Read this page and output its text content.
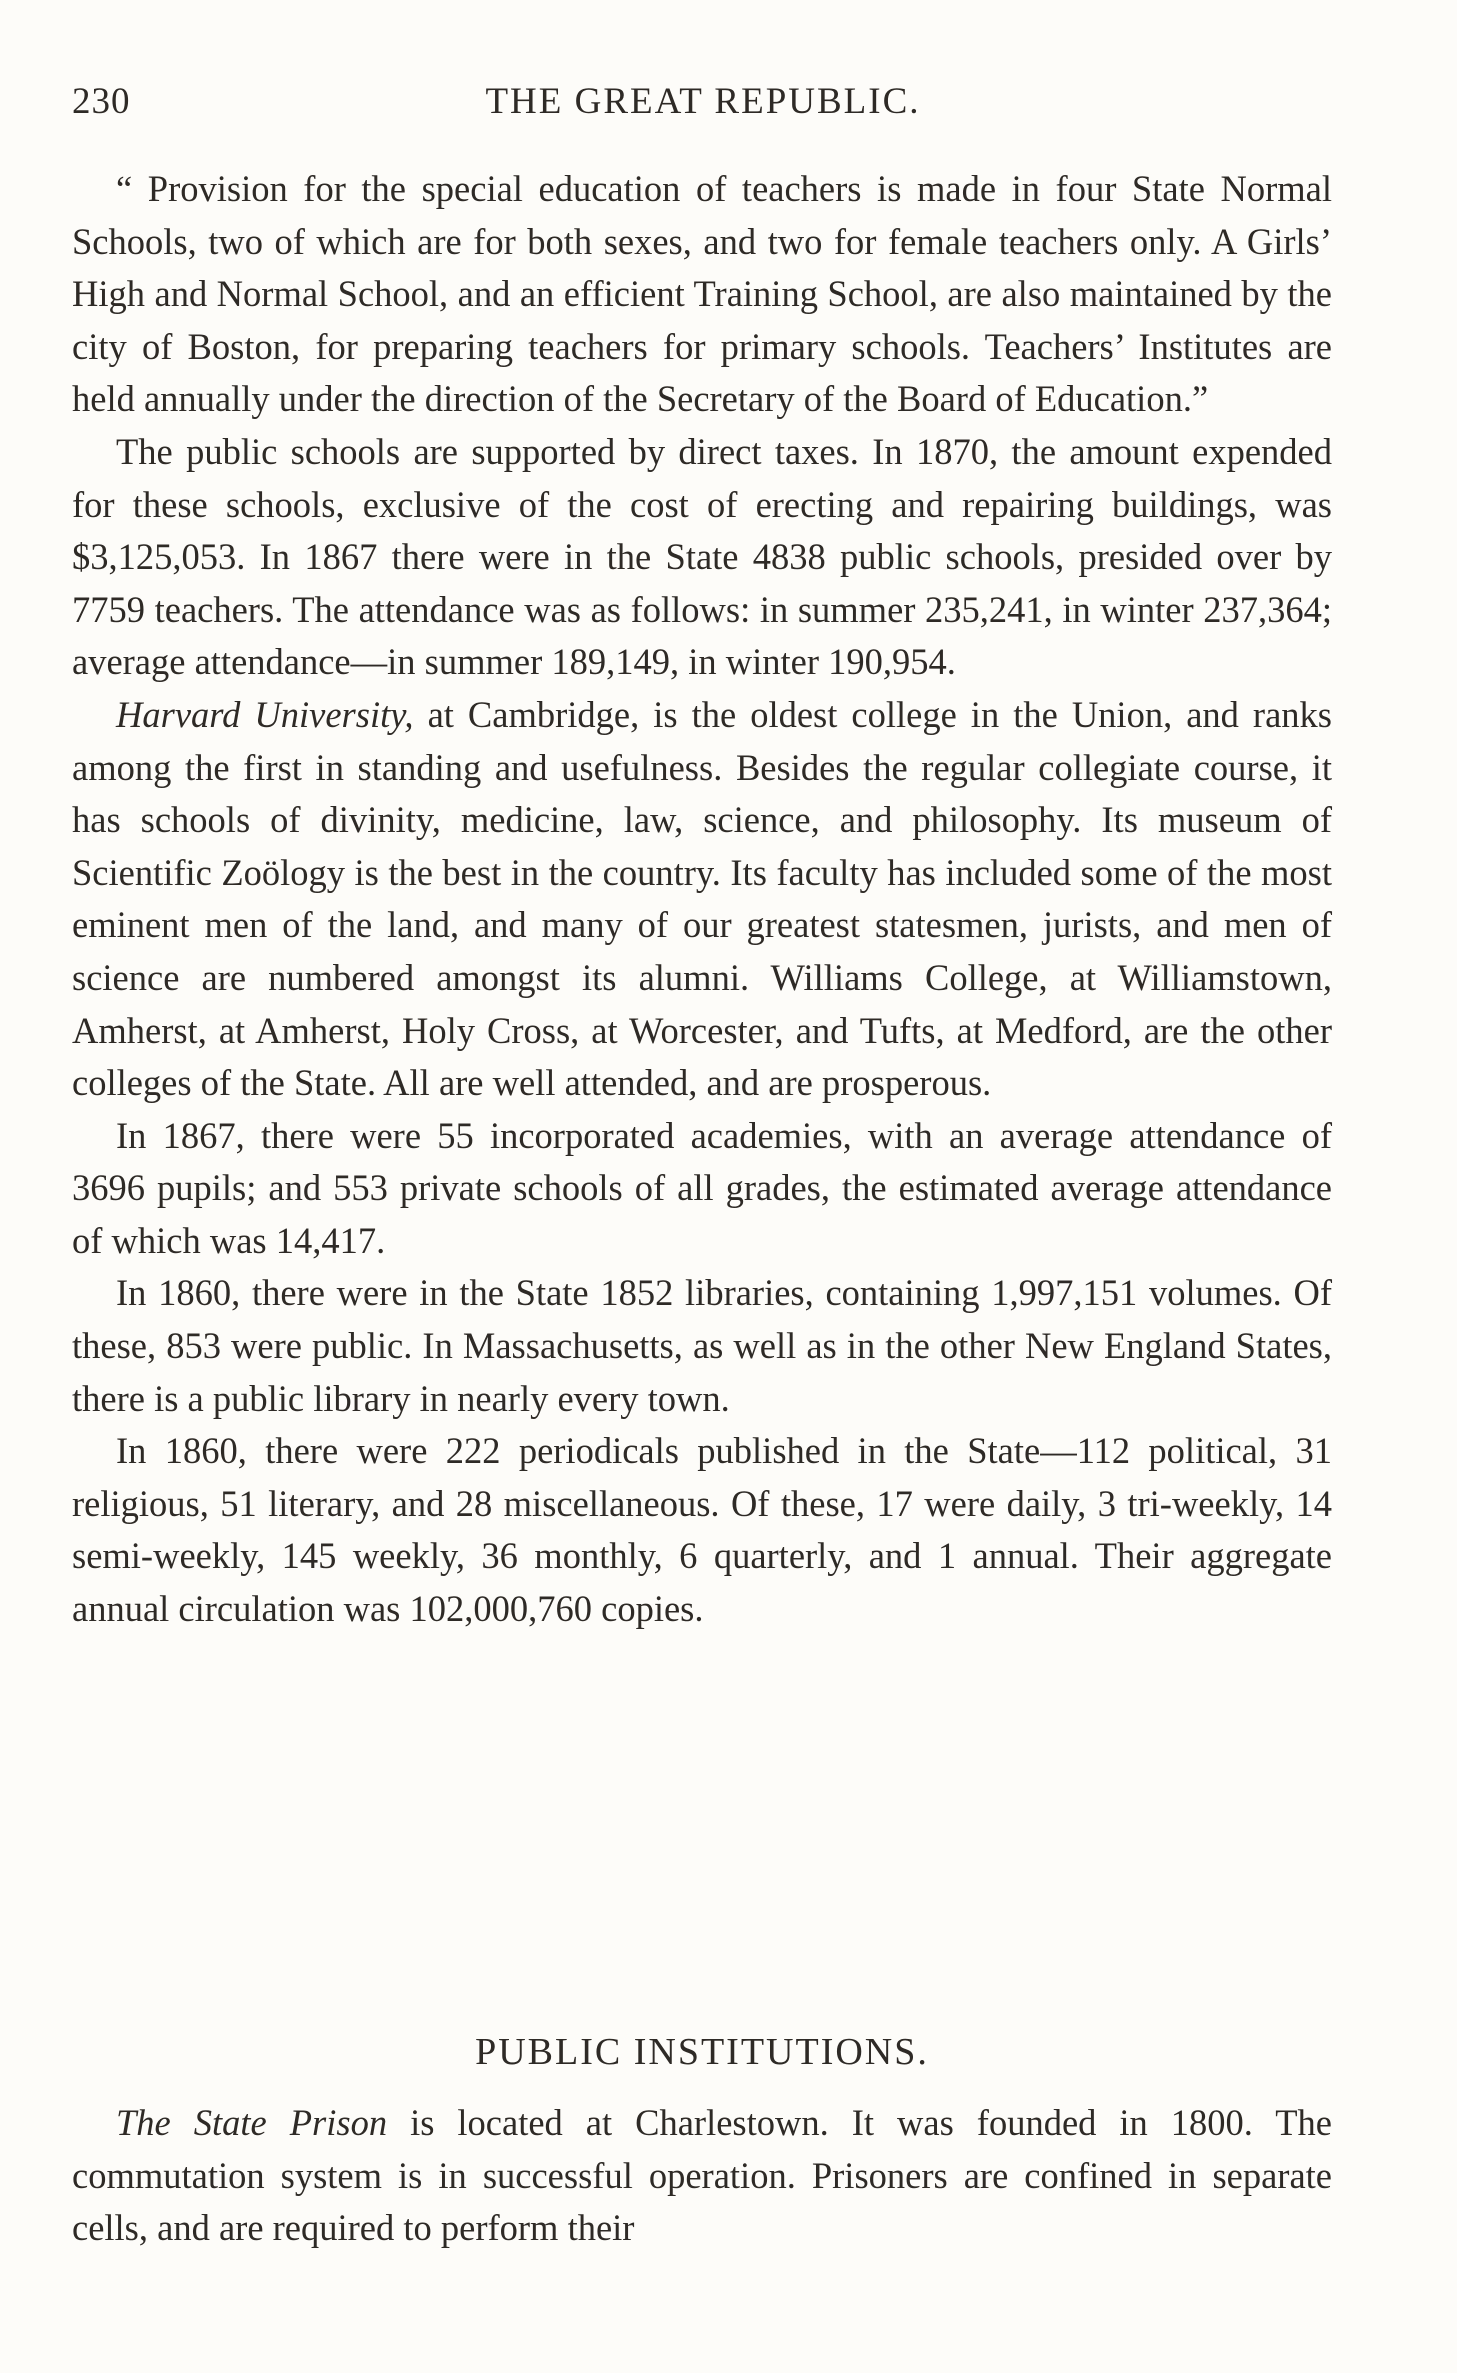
230	THE GREAT REPUBLIC.

“ Provision for the special education of teachers is made in four State Normal Schools, two of which are for both sexes, and two for female teachers only. A Girls’ High and Normal School, and an efficient Training School, are also maintained by the city of Boston, for preparing teachers for primary schools. Teachers’ Institutes are held annually under the direction of the Secretary of the Board of Education.”

The public schools are supported by direct taxes. In 1870, the amount expended for these schools, exclusive of the cost of erecting and repairing buildings, was $3,125,053. In 1867 there were in the State 4838 public schools, presided over by 7759 teachers. The attendance was as follows: in summer 235,241, in winter 237,364; average attendance—in summer 189,149, in winter 190,954.

Harvard University, at Cambridge, is the oldest college in the Union, and ranks among the first in standing and usefulness. Besides the regular collegiate course, it has schools of divinity, medicine, law, science, and philosophy. Its museum of Scientific Zoölogy is the best in the country. Its faculty has included some of the most eminent men of the land, and many of our greatest statesmen, jurists, and men of science are numbered amongst its alumni. Williams College, at Williamstown, Amherst, at Amherst, Holy Cross, at Worcester, and Tufts, at Medford, are the other colleges of the State. All are well attended, and are prosperous.

In 1867, there were 55 incorporated academies, with an average attendance of 3696 pupils; and 553 private schools of all grades, the estimated average attendance of which was 14,417.

In 1860, there were in the State 1852 libraries, containing 1,997,151 volumes. Of these, 853 were public. In Massachusetts, as well as in the other New England States, there is a public library in nearly every town.

In 1860, there were 222 periodicals published in the State—112 political, 31 religious, 51 literary, and 28 miscellaneous. Of these, 17 were daily, 3 tri-weekly, 14 semi-weekly, 145 weekly, 36 monthly, 6 quarterly, and 1 annual. Their aggregate annual circulation was 102,000,760 copies.

PUBLIC INSTITUTIONS.

The State Prison is located at Charlestown. It was founded in 1800. The commutation system is in successful operation. Prisoners are confined in separate cells, and are required to perform their
